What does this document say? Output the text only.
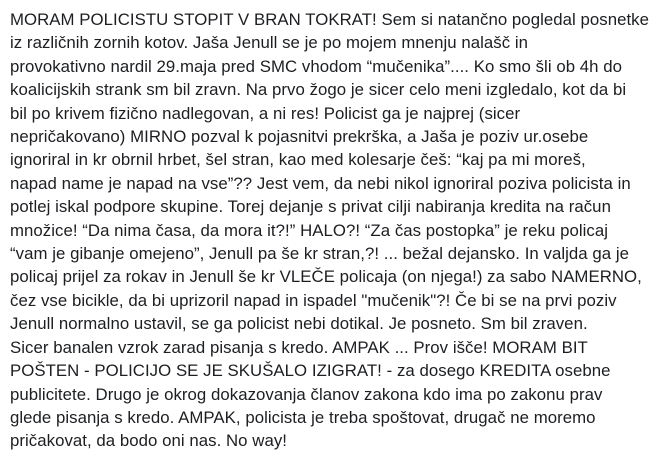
MORAM POLICISTU STOPIT V BRAN TOKRAT! Sem si natančno pogledal posnetke
iz različnih zornih kotov. Jaša Jenull se je po mojem mnenju nalašč in
provokativno nardil 29.maja pred SMC vhodom “mučenika”.... Ko smo šli ob 4h do
koalicijskih strank sm bil zravn. Na prvo žogo je sicer celo meni izgledalo, kot da bi
bil po krivem fizično nadlegovan, a ni res! Policist ga je najprej (sicer
nepričakovano) MIRNO pozval k pojasnitvi prekrška, a Jaša je poziv ur.osebe
ignoriral in kr obrnil hrbet, šel stran, kao med kolesarje češ: “kaj pa mi moreš,
napad name je napad na vse”?? Jest vem, da nebi nikol ignoriral poziva policista in
potlej iskal podpore skupine. Torej dejanje s privat cilji nabiranja kredita na račun
množice! “Da nima časa, da mora it?!” HALO?! “Za čas postopka” je reku policaj
“vam je gibanje omejeno”, Jenull pa še kr stran,?! ... bežal dejansko. In valjda ga je
policaj prijel za rokav in Jenull še kr VLEČE policaja (on njega!) za sabo NAMERNO,
čez vse bicikle, da bi uprizoril napad in ispadel "mučenik"?! Če bi se na prvi poziv
Jenull normalno ustavil, se ga policist nebi dotikal. Je posneto. Sm bil zraven.
Sicer banalen vzrok zarad pisanja s kredo. AMPAK ... Prov išče! MORAM BIT
POŠTEN - POLICIJO SE JE SKUŠALO IZIGRAT! - za dosego KREDITA osebne
publicitete. Drugo je okrog dokazovanja članov zakona kdo ima po zakonu prav
glede pisanja s kredo. AMPAK, policista je treba spoštovat, drugač ne moremo
pričakovat, da bodo oni nas. No way!
